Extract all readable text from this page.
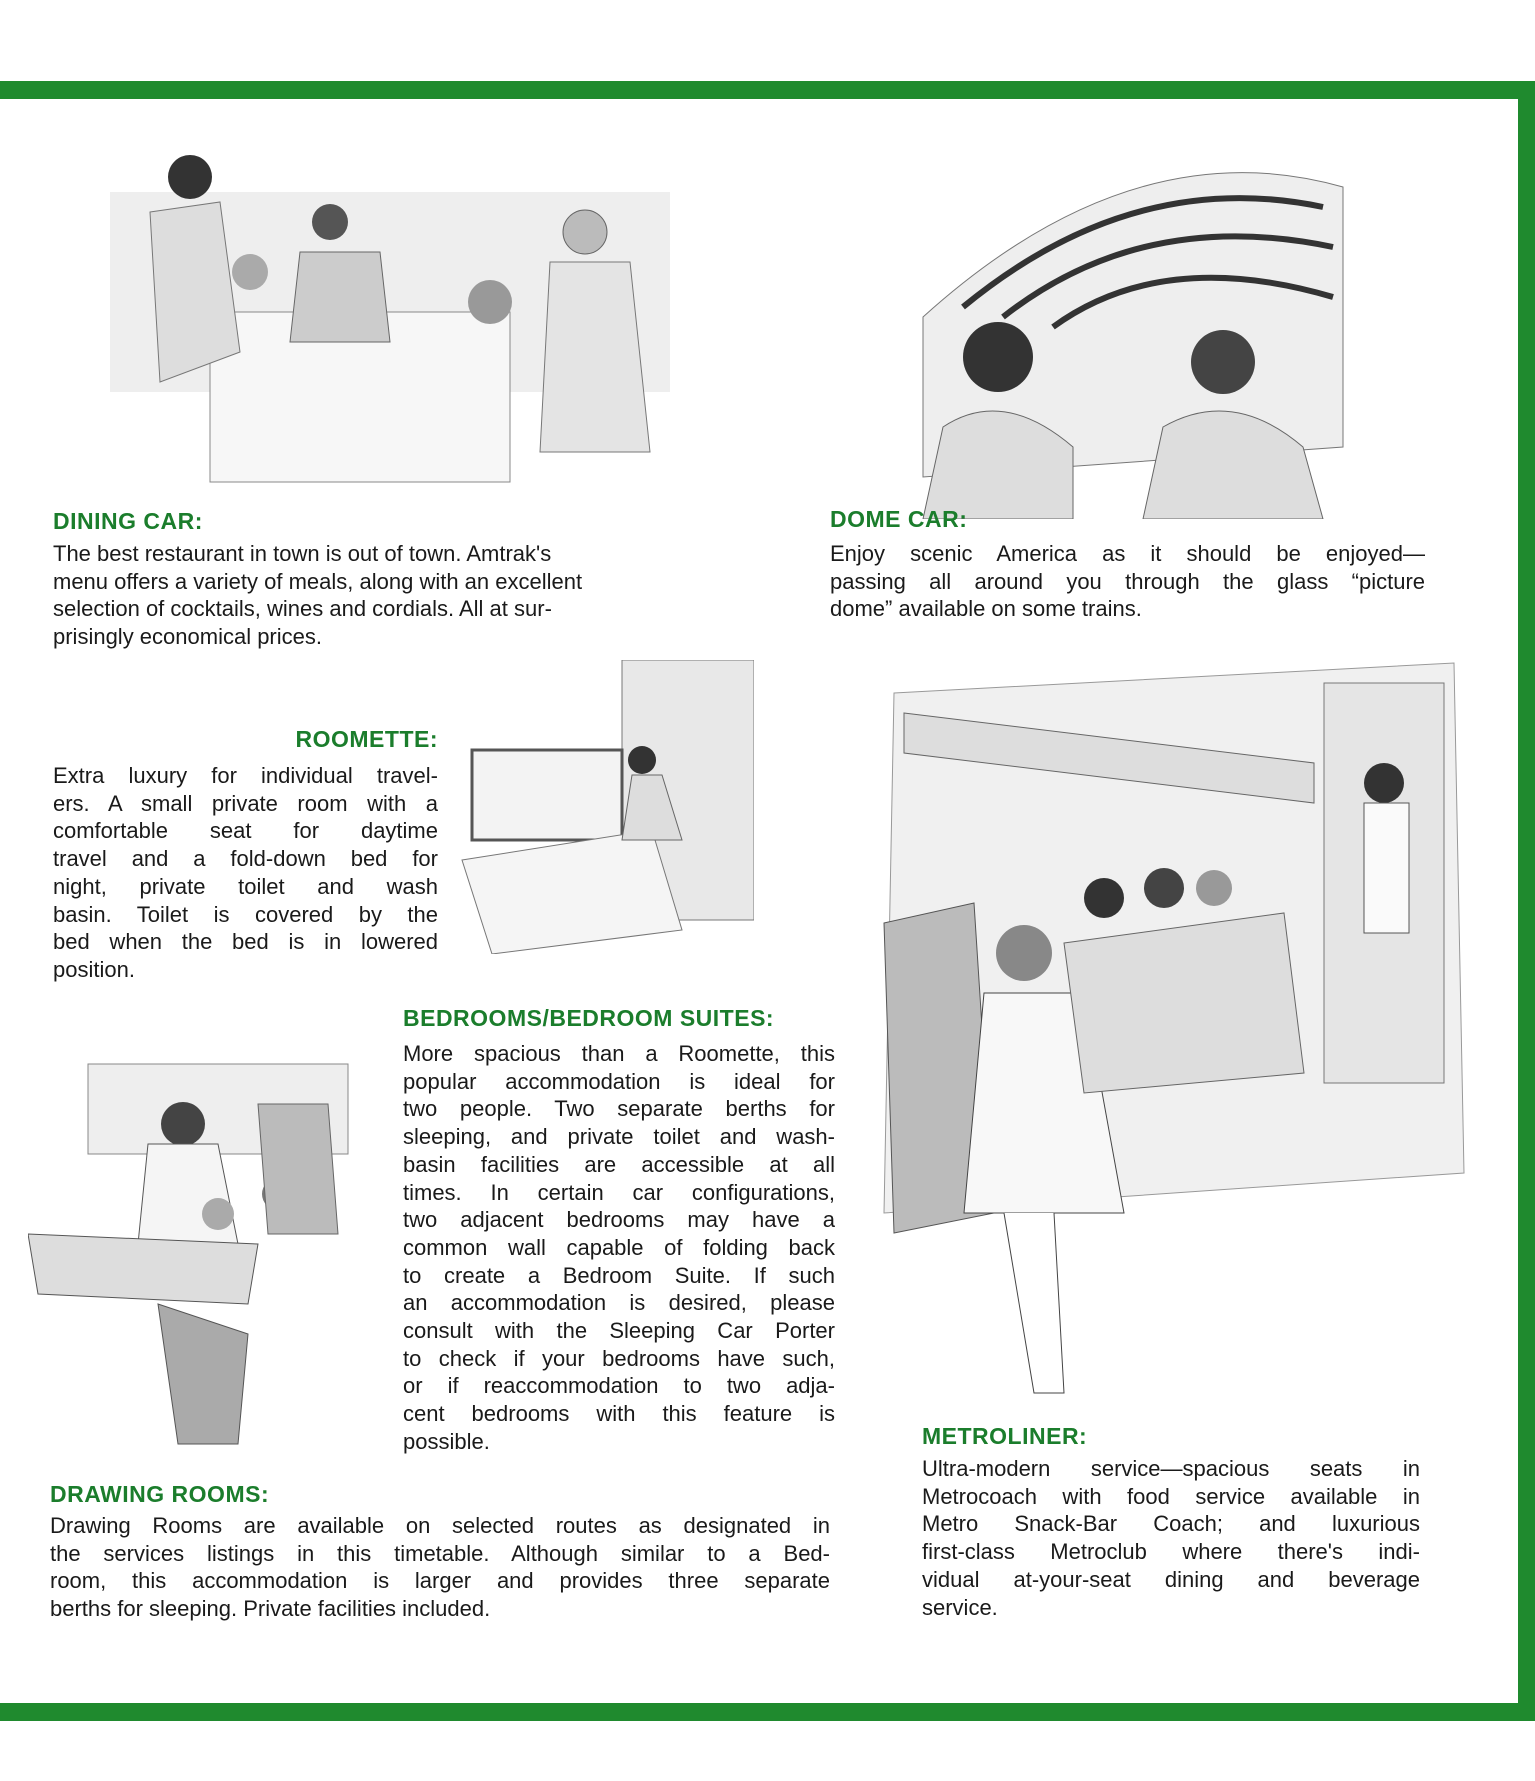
DINING CAR:
The best restaurant in town is out of town. Amtrak's
menu offers a variety of meals, along with an excellent
selection of cocktails, wines and cordials. All at sur-
prisingly economical prices.
DOME CAR:
Enjoy scenic America as it should be enjoyed—
passing all around you through the glass “picture
dome” available on some trains.
ROOMETTE:
Extra luxury for individual travel-
ers. A small private room with a
comfortable seat for daytime
travel and a fold-down bed for
night, private toilet and wash
basin. Toilet is covered by the
bed when the bed is in lowered
position.
BEDROOMS/BEDROOM SUITES:
More spacious than a Roomette, this
popular accommodation is ideal for
two people. Two separate berths for
sleeping, and private toilet and wash-
basin facilities are accessible at all
times. In certain car configurations,
two adjacent bedrooms may have a
common wall capable of folding back
to create a Bedroom Suite. If such
an accommodation is desired, please
consult with the Sleeping Car Porter
to check if your bedrooms have such,
or if reaccommodation to two adja-
cent bedrooms with this feature is
possible.
DRAWING ROOMS:
Drawing Rooms are available on selected routes as designated in
the services listings in this timetable. Although similar to a Bed-
room, this accommodation is larger and provides three separate
berths for sleeping. Private facilities included.
METROLINER:
Ultra-modern service—spacious seats in
Metrocoach with food service available in
Metro Snack-Bar Coach; and luxurious
first-class Metroclub where there's indi-
vidual at-your-seat dining and beverage
service.
